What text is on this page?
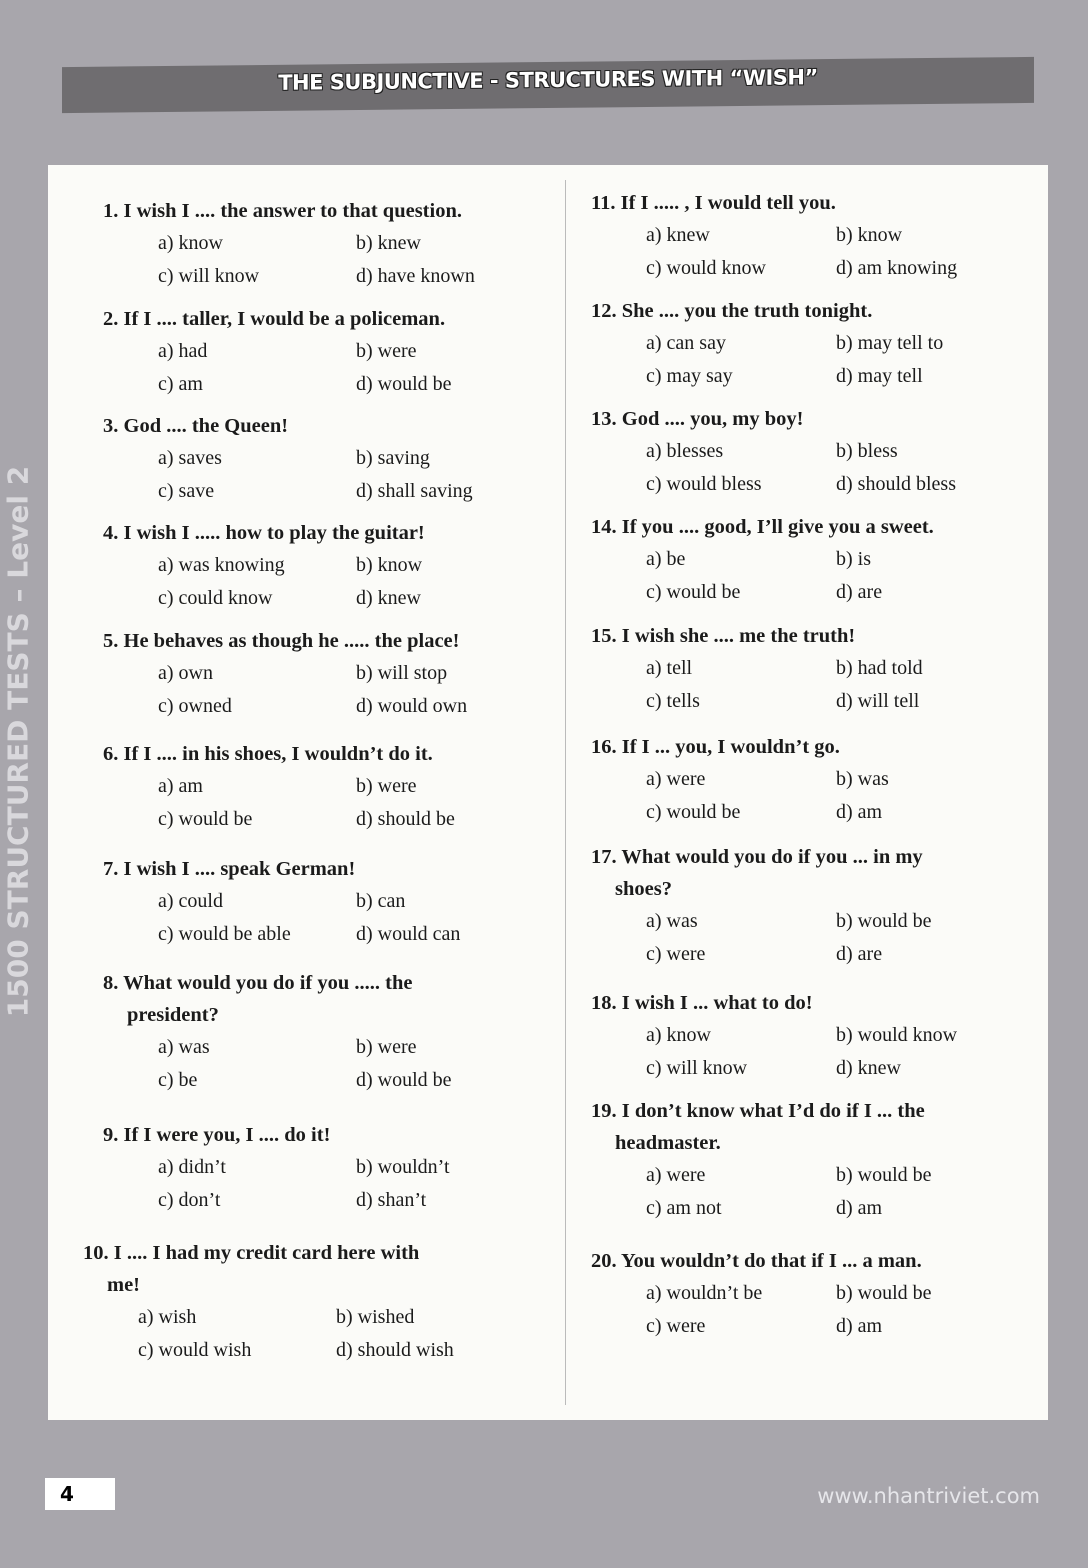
THE SUBJUNCTIVE - STRUCTURES WITH “WISH”
1500 STRUCTURED TESTS – Level 2
1. I wish I .... the answer to that question.
a) know	b) knew
c) will know	d) have known
2. If I .... taller, I would be a policeman.
a) had	b) were
c) am	d) would be
3. God .... the Queen!
a) saves	b) saving
c) save	d) shall saving
4. I wish I ..... how to play the guitar!
a) was knowing	b) know
c) could know	d) knew
5. He behaves as though he ..... the place!
a) own	b) will stop
c) owned	d) would own
6. If I .... in his shoes, I wouldn’t do it.
a) am	b) were
c) would be	d) should be
7. I wish I .... speak German!
a) could	b) can
c) would be able	d) would can
8. What would you do if you ..... the
president?
a) was	b) were
c) be	d) would be
9. If I were you, I .... do it!
a) didn’t	b) wouldn’t
c) don’t	d) shan’t
10. I .... I had my credit card here with
me!
a) wish	b) wished
c) would wish	d) should wish
11. If I ..... , I would tell you.
a) knew	b) know
c) would know	d) am knowing
12. She .... you the truth tonight.
a) can say	b) may tell to
c) may say	d) may tell
13. God .... you, my boy!
a) blesses	b) bless
c) would bless	d) should bless
14. If you .... good, I’ll give you a sweet.
a) be	b) is
c) would be	d) are
15. I wish she .... me the truth!
a) tell	b) had told
c) tells	d) will tell
16. If I ... you, I wouldn’t go.
a) were	b) was
c) would be	d) am
17. What would you do if you ... in my
shoes?
a) was	b) would be
c) were	d) are
18. I wish I ... what to do!
a) know	b) would know
c) will know	d) knew
19. I don’t know what I’d do if I ... the
headmaster.
a) were	b) would be
c) am not	d) am
20. You wouldn’t do that if I ... a man.
a) wouldn’t be	b) would be
c) were	d) am
4	www.nhantriviet.com
